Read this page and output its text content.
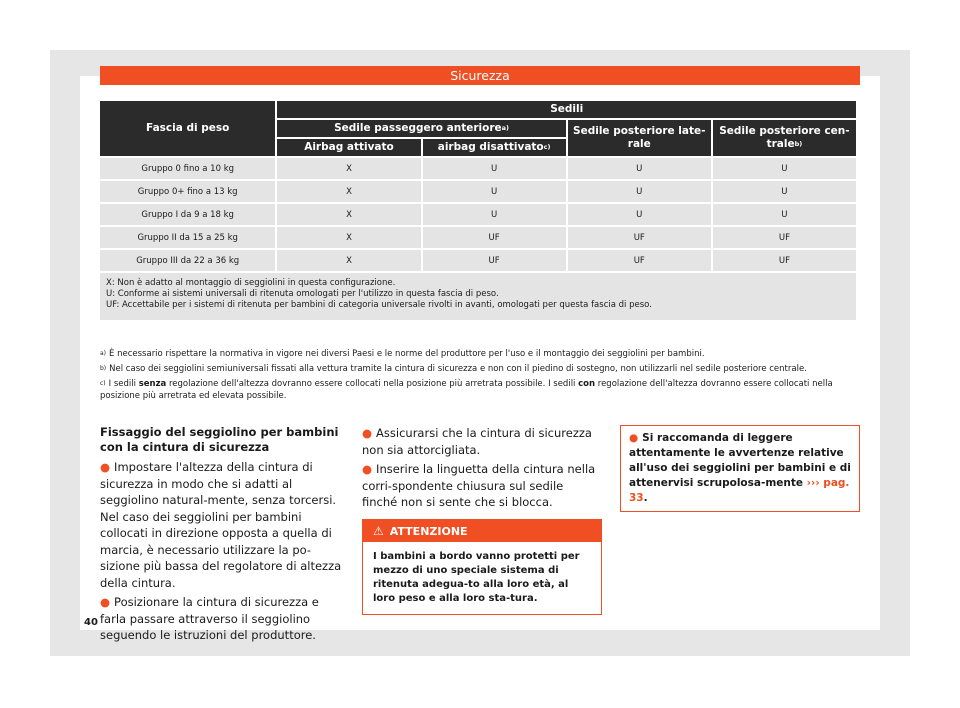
Sicurezza
Fascia di peso	Sedili			
	Sedile passeggero anteriore$^{a)}$		Sedile posteriore late-rale	Sedile posteriore cen-trale$^{b)}$
	Airbag attivato	airbag disattivato$^{c)}$
Gruppo 0 fino a 10 kg	X	U	U	U
Gruppo 0+ fino a 13 kg	X	U	U	U
Gruppo I da 9 a 18 kg	X	U	U	U
Gruppo II da 15 a 25 kg	X	UF	UF	UF
Gruppo III da 22 a 36 kg	X	UF	UF	UF

X: Non è adatto al montaggio di seggiolini in questa configurazione.
U: Conforme ai sistemi universali di ritenuta omologati per l'utilizzo in questa fascia di peso.
UF: Accettabile per i sistemi di ritenuta per bambini di categoria universale rivolti in avanti, omologati per questa fascia di peso.				
$^{a)}$ È necessario rispettare la normativa in vigore nei diversi Paesi e le norme del produttore per l'uso e il montaggio dei seggiolini per bambini.
$^{b)}$ Nel caso dei seggiolini semiuniversali fissati alla vettura tramite la cintura di sicurezza e non con il piedino di sostegno, non utilizzarli nel sedile posteriore centrale.
$^{c)}$ I sedili senza regolazione dell'altezza dovranno essere collocati nella posizione più arretrata possibile. I sedili con regolazione dell'altezza dovranno essere collocati nella posizione più arretrata ed elevata possibile.
Fissaggio del seggiolino per bambini con la cintura di sicurezza
● Impostare l'altezza della cintura di sicurezza in modo che si adatti al seggiolino natural-mente, senza torcersi. Nel caso dei seggiolini per bambini collocati in direzione opposta a quella di marcia, è necessario utilizzare la po-sizione più bassa del regolatore di altezza della cintura.
● Posizionare la cintura di sicurezza e farla passare attraverso il seggiolino seguendo le istruzioni del produttore.
● Assicurarsi che la cintura di sicurezza non sia attorcigliata.
● Inserire la linguetta della cintura nella corri-spondente chiusura sul sedile finché non si sente che si blocca.
⚠ ATTENZIONE
I bambini a bordo vanno protetti per mezzo di uno speciale sistema di ritenuta adegua-to alla loro età, al loro peso e alla loro sta-tura.
● Si raccomanda di leggere attentamente le avvertenze relative all'uso dei seggiolini per bambini e di attenervisi scrupolosa-mente ››› pag. 33.
40
